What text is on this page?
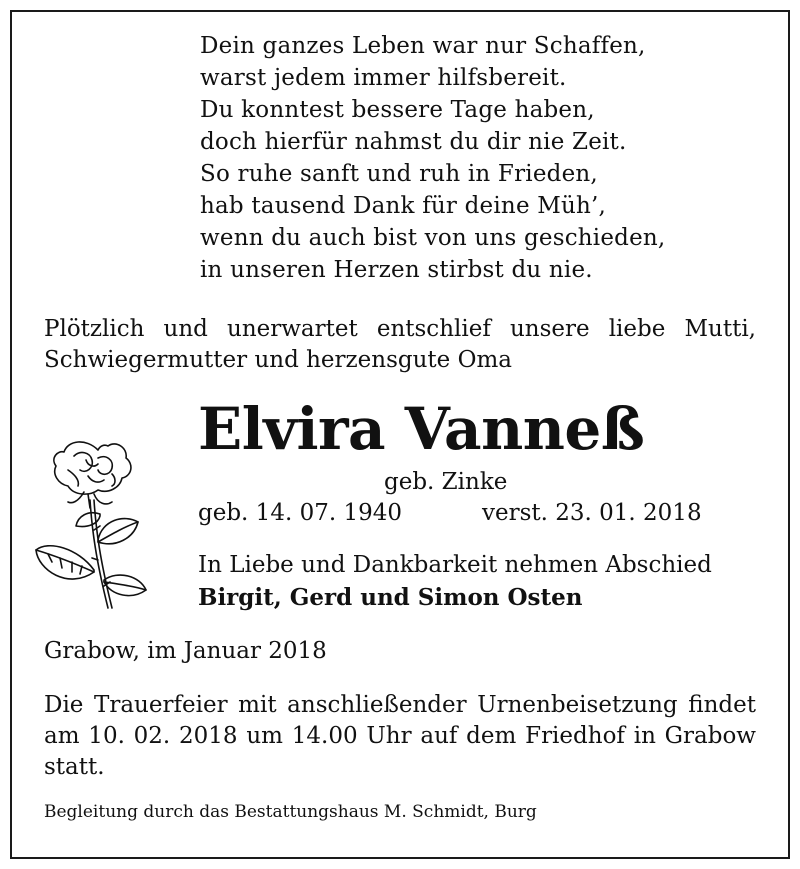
Dein ganzes Leben war nur Schaffen,
warst jedem immer hilfsbereit.
Du konntest bessere Tage haben,
doch hierfür nahmst du dir nie Zeit.
So ruhe sanft und ruh in Frieden,
hab tausend Dank für deine Müh’,
wenn du auch bist von uns geschieden,
in unseren Herzen stirbst du nie.
Plötzlich und unerwartet entschlief unsere liebe Mutti,
Schwiegermutter und herzensgute Oma
Elvira Vanneß
geb. Zinke
geb. 14. 07. 1940	verst. 23. 01. 2018
In Liebe und Dankbarkeit nehmen Abschied
Birgit, Gerd und Simon Osten
Grabow, im Januar 2018
Die Trauerfeier mit anschließender Urnenbeisetzung findet
am 10. 02. 2018 um 14.00 Uhr auf dem Friedhof in Grabow
statt.
Begleitung durch das Bestattungshaus M. Schmidt, Burg
